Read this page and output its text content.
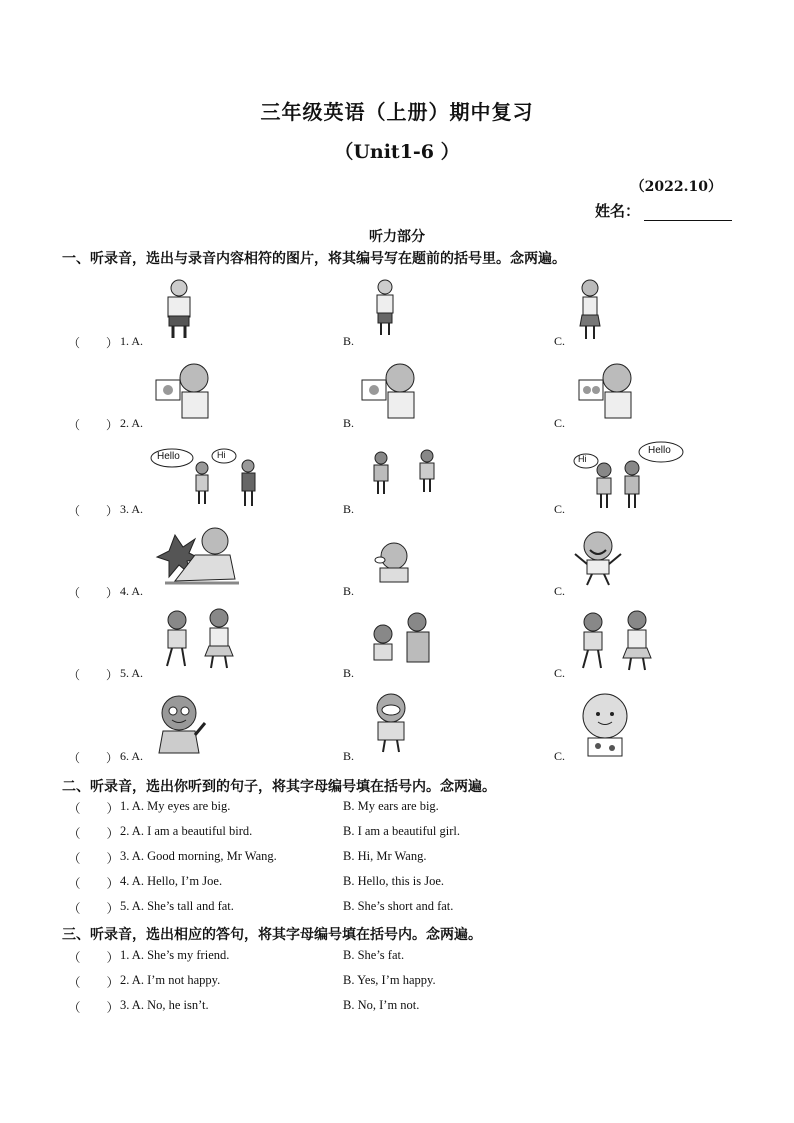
三年级英语（上册）期中复习
（Unit1-6 ）
（2022.10）
姓名：
听力部分
一、听录音，选出与录音内容相符的图片，将其编号写在题前的括号里。念两遍。
（ ） 1. A.	B.	C.
（ ） 2. A.	B.	C.
（ ） 3. A.	B.	C.
（ ） 4. A.	B.	C.
（ ） 5. A.	B.	C.
（ ） 6. A.	B.	C.
Hello	Hi	Hi
Hello
二、听录音，选出你听到的句子，将其字母编号填在括号内。念两遍。
（ ） 1. A. My eyes are big.	B. My ears are big.
（ ） 2. A. I am a beautiful bird.	B. I am a beautiful girl.
（ ） 3. A. Good morning, Mr Wang.	B. Hi, Mr Wang.
（ ） 4. A. Hello, I’m Joe.	B. Hello, this is Joe.
（ ） 5. A. She’s tall and fat.	B. She’s short and fat.
三、听录音，选出相应的答句，将其字母编号填在括号内。念两遍。
（ ） 1. A. She’s my friend.	B. She’s fat.
（ ） 2. A. I’m not happy.	B. Yes, I’m happy.
（ ） 3. A. No, he isn’t.	B. No, I’m not.
